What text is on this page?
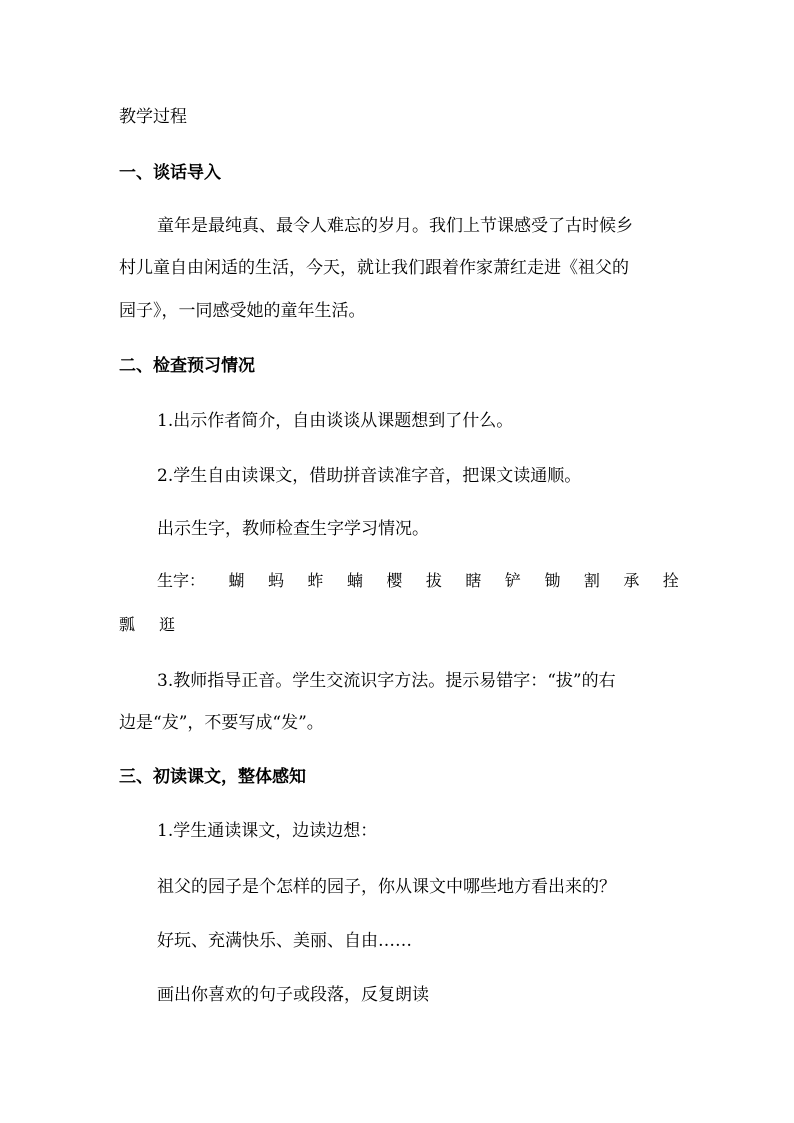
教学过程
一、谈话导入
童年是最纯真、最令人难忘的岁月。我们上节课感受了古时候乡
村儿童自由闲适的生活，今天，就让我们跟着作家萧红走进《祖父的
园子》，一同感受她的童年生活。
二、检查预习情况
1.出示作者简介，自由谈谈从课题想到了什么。
2.学生自由读课文，借助拼音读准字音，把课文读通顺。
出示生字，教师检查生字学习情况。
生字： 蝴 蚂 蚱 蝻 樱 拔 瞎 铲 锄 割 承 拴
瓢 逛
3.教师指导正音。学生交流识字方法。提示易错字：“拔”的右
边是“犮”，不要写成“发”。
三、初读课文，整体感知
1.学生通读课文，边读边想：
祖父的园子是个怎样的园子，你从课文中哪些地方看出来的？
好玩、充满快乐、美丽、自由……
画出你喜欢的句子或段落，反复朗读
